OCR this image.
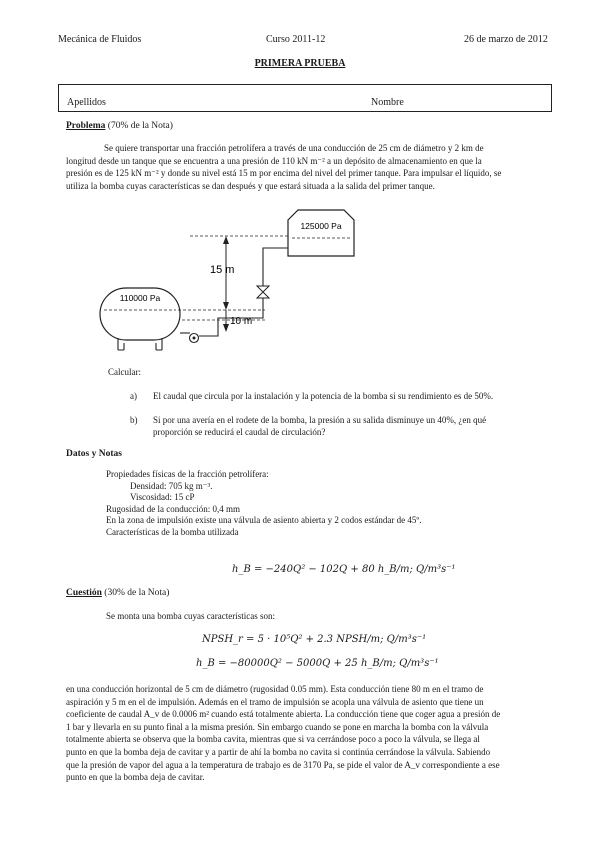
Mecánica de Fluidos	Curso 2011-12	26 de marzo de 2012
PRIMERA PRUEBA
Apellidos	Nombre
Problema (70% de la Nota)
Se quiere transportar una fracción petrolífera a través de una conducción de 25 cm de diámetro y 2 km de
longitud desde un tanque que se encuentra a una presión de 110 kN m⁻² a un depósito de almacenamiento en que la
presión es de 125 kN m⁻² y donde su nivel está 15 m por encima del nivel del primer tanque. Para impulsar el líquido, se
utiliza la bomba cuyas características se dan después y que estará situada a la salida del primer tanque.
125000 Pa
110000 Pa
15 m
10 m
Calcular:
a) El caudal que circula por la instalación y la potencia de la bomba si su rendimiento es de 50%.
b) Si por una avería en el rodete de la bomba, la presión a su salida disminuye un 40%, ¿en qué
proporción se reducirá el caudal de circulación?
Datos y Notas
Propiedades físicas de la fracción petrolífera:
Densidad: 705 kg m⁻³.
Viscosidad: 15 cP
Rugosidad de la conducción: 0,4 mm
En la zona de impulsión existe una válvula de asiento abierta y 2 codos estándar de 45º.
Características de la bomba utilizada
h_B = −240Q² − 102Q + 80 h_B/m; Q/m³s⁻¹
Cuestión (30% de la Nota)
Se monta una bomba cuyas características son:
NPSH_r = 5 · 10⁵Q² + 2.3 NPSH/m; Q/m³s⁻¹
h_B = −80000Q² − 5000Q + 25 h_B/m; Q/m³s⁻¹
en una conducción horizontal de 5 cm de diámetro (rugosidad 0.05 mm). Esta conducción tiene 80 m en el tramo de
aspiración y 5 m en el de impulsión. Además en el tramo de impulsión se acopla una válvula de asiento que tiene un
coeficiente de caudal A_v de 0.0006 m² cuando está totalmente abierta. La conducción tiene que coger agua a presión de
1 bar y llevarla en su punto final a la misma presión. Sin embargo cuando se pone en marcha la bomba con la válvula
totalmente abierta se observa que la bomba cavita, mientras que si va cerrándose poco a poco la válvula, se llega al
punto en que la bomba deja de cavitar y a partir de ahí la bomba no cavita si continúa cerrándose la válvula. Sabiendo
que la presión de vapor del agua a la temperatura de trabajo es de 3170 Pa, se pide el valor de A_v correspondiente a ese
punto en que la bomba deja de cavitar.
